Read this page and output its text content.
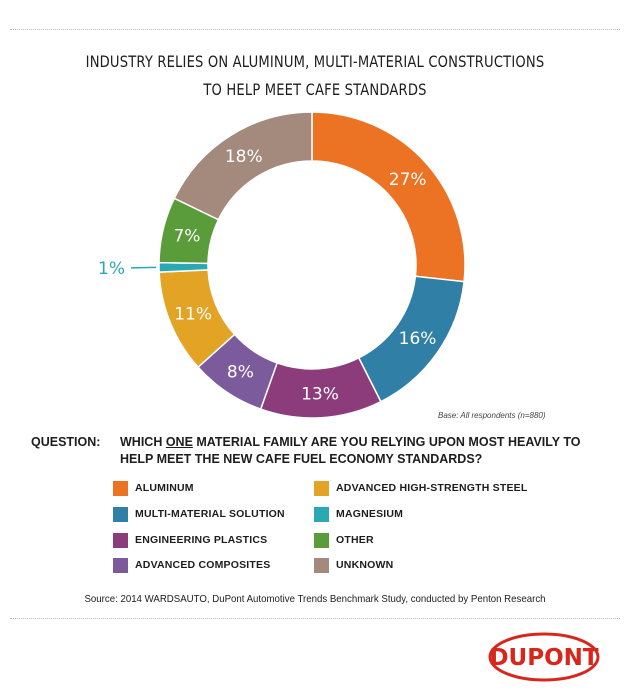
INDUSTRY RELIES ON ALUMINUM, MULTI-MATERIAL CONSTRUCTIONS
TO HELP MEET CAFE STANDARDS
27%
16%
13%
8%
11%
1%
7%
18%
Base: All respondents (n=880)
QUESTION: WHICH ONE MATERIAL FAMILY ARE YOU RELYING UPON MOST HEAVILY TO HELP MEET THE NEW CAFE FUEL ECONOMY STANDARDS?
ALUMINUM
MULTI-MATERIAL SOLUTION
ENGINEERING PLASTICS
ADVANCED COMPOSITES
ADVANCED HIGH-STRENGTH STEEL
MAGNESIUM
OTHER
UNKNOWN
Source: 2014 WARDSAUTO, DuPont Automotive Trends Benchmark Study, conducted by Penton Research
DUPONT
